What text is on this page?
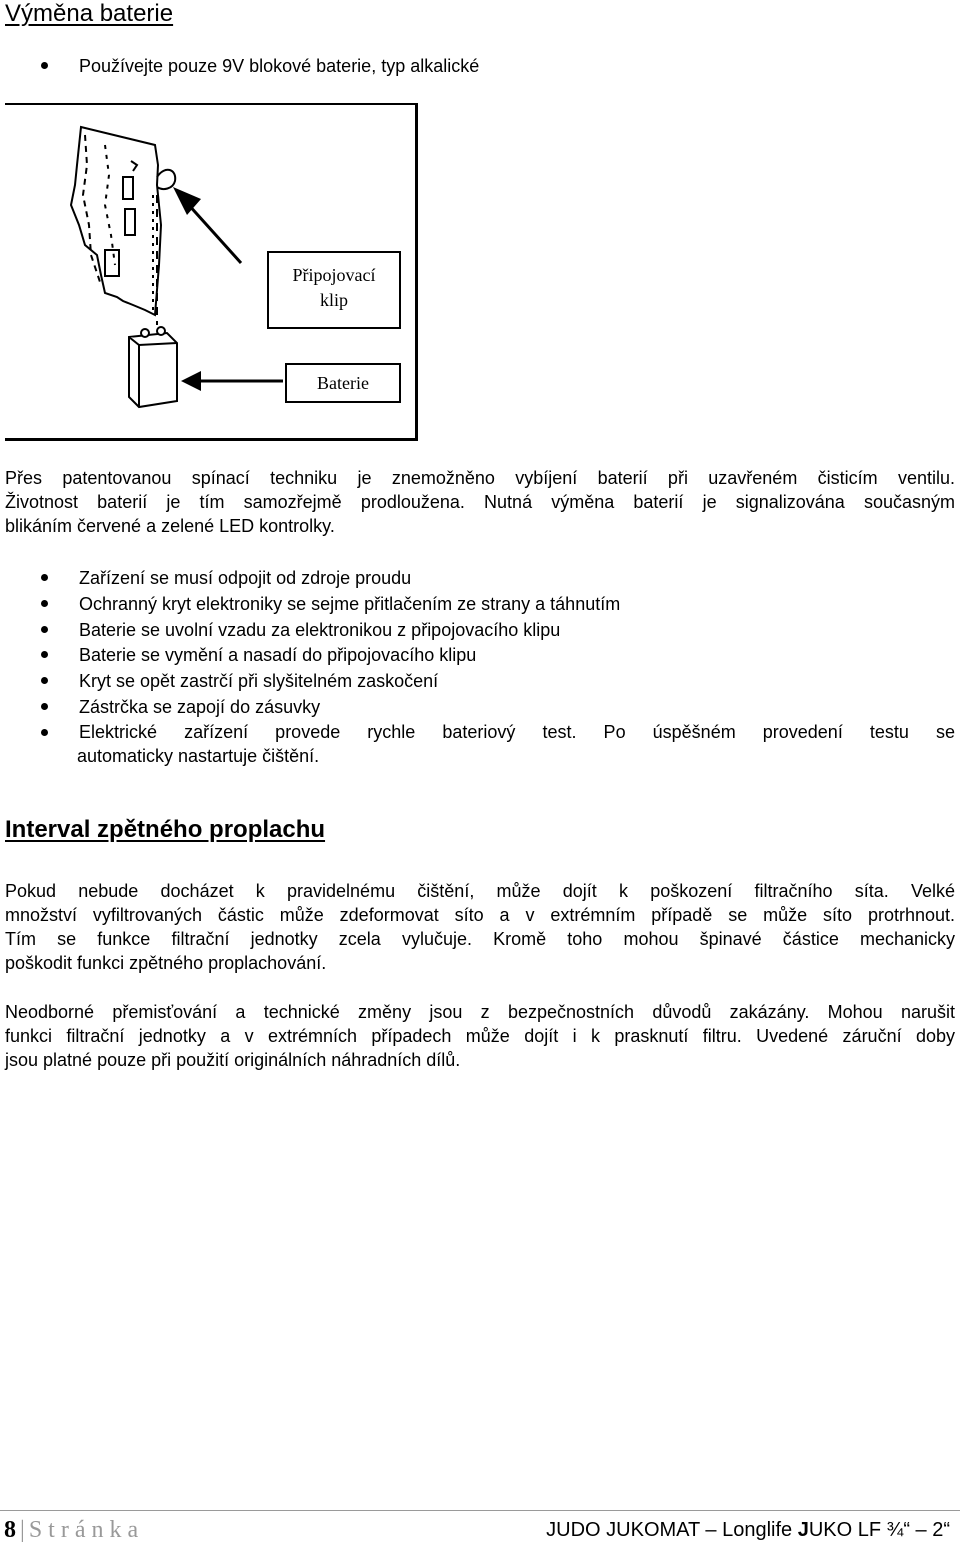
Výměna baterie
Používejte pouze 9V blokové baterie, typ alkalické
Připojovací
klip
Baterie
Přes patentovanou spínací techniku je znemožněno vybíjení baterií při uzavřeném čisticím ventilu.
Životnost baterií je tím samozřejmě prodloužena. Nutná výměna baterií je signalizována současným
blikáním červené a zelené LED kontrolky.
Zařízení se musí odpojit od zdroje proudu
Ochranný kryt elektroniky se sejme přitlačením ze strany a táhnutím
Baterie se uvolní vzadu za elektronikou z připojovacího klipu
Baterie se vymění a nasadí do připojovacího klipu
Kryt se opět zastrčí při slyšitelném zaskočení
Zástrčka se zapojí do zásuvky
Elektrické zařízení provede rychle bateriový test. Po úspěšném provedení testu se
automaticky nastartuje čištění.
Interval zpětného proplachu
Pokud nebude docházet k pravidelnému čištění, může dojít k poškození filtračního síta. Velké
množství vyfiltrovaných částic může zdeformovat síto a v extrémním případě se může síto protrhnout.
Tím se funkce filtrační jednotky zcela vylučuje. Kromě toho mohou špinavé částice mechanicky
poškodit funkci zpětného proplachování.
Neodborné přemisťování a technické změny jsou z bezpečnostních důvodů zakázány. Mohou narušit
funkci filtrační jednotky a v extrémních případech může dojít i k prasknutí filtru. Uvedené záruční doby
jsou platné pouze při použití originálních náhradních dílů.
8 | Stránka	JUDO JUKOMAT – Longlife JUKO LF ¾“ – 2“
